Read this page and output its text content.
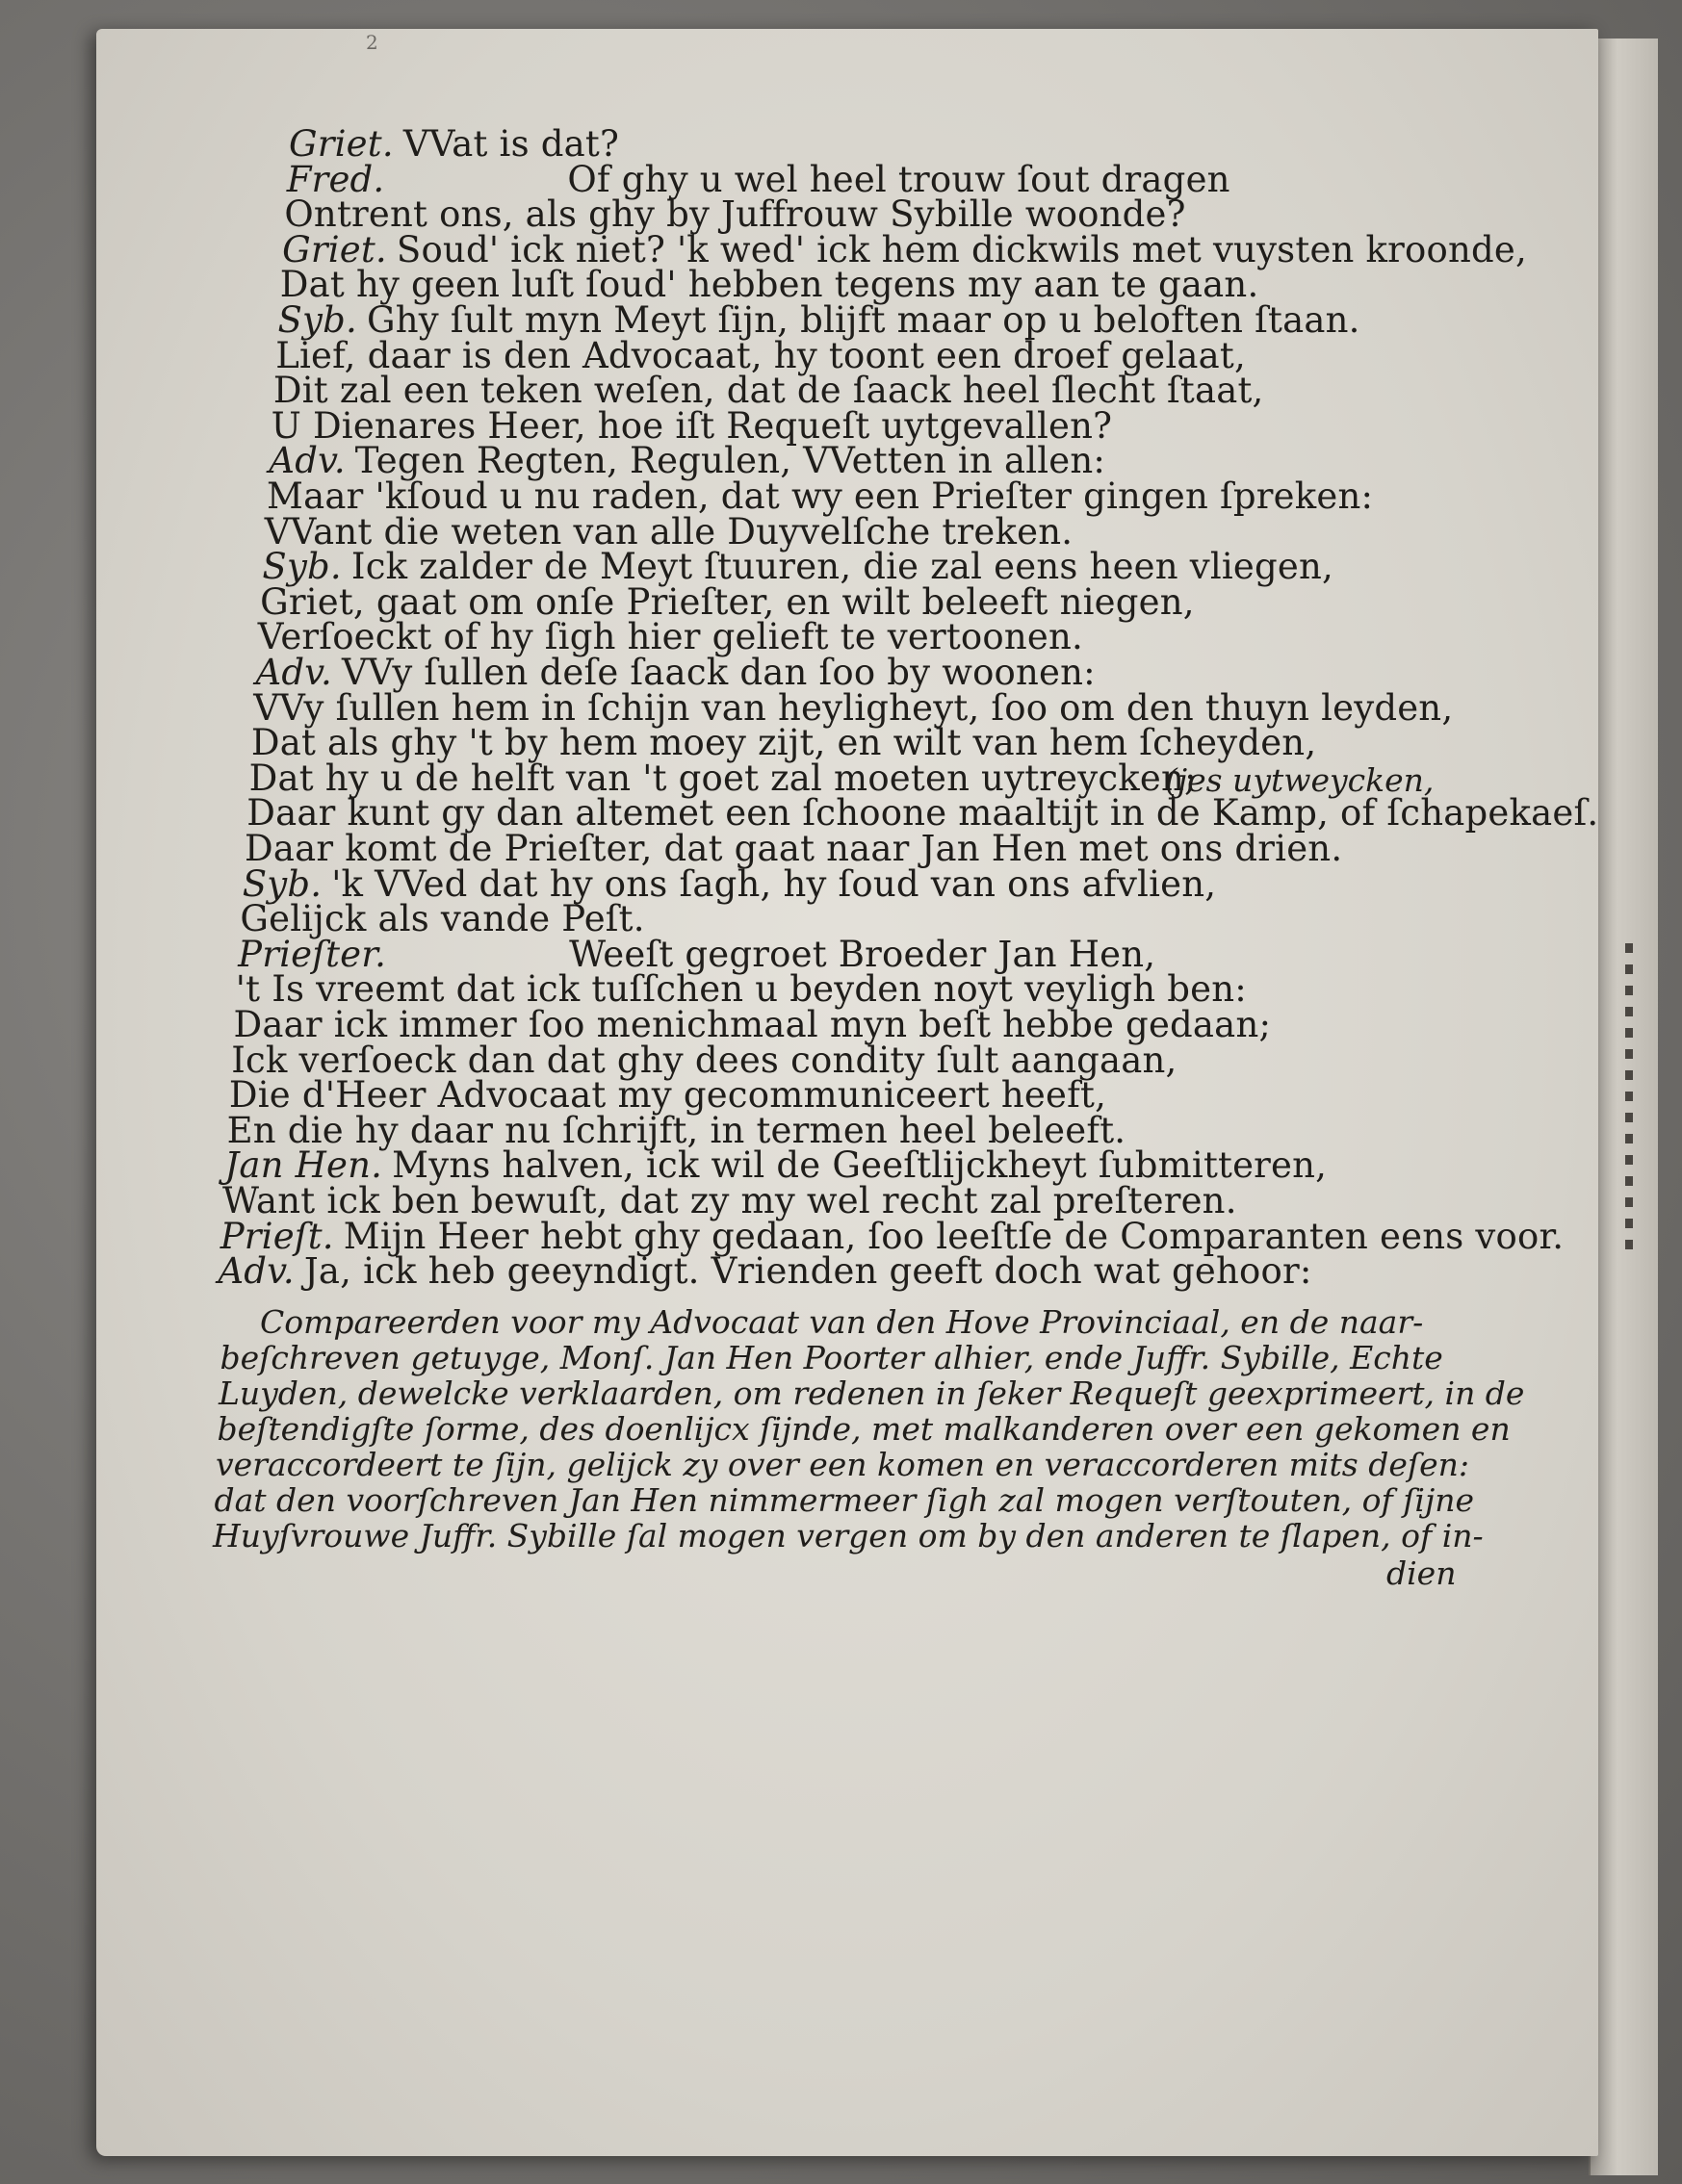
2
Griet. VVat is dat?
Fred.	Of ghy u wel heel trouw ſout dragen
Ontrent ons, als ghy by Juffrouw Sybille woonde?
Griet. Soud' ick niet? 'k wed' ick hem dickwils met vuysten kroonde,
Dat hy geen luſt ſoud' hebben tegens my aan te gaan.
Syb. Ghy ſult myn Meyt ſijn, blijft maar op u beloften ſtaan.
Lief, daar is den Advocaat, hy toont een droef gelaat,
Dit zal een teken weſen, dat de ſaack heel ſlecht ſtaat,
U Dienares Heer, hoe iſt Requeſt uytgevallen?
Adv. Tegen Regten, Regulen, VVetten in allen:
Maar 'kſoud u nu raden, dat wy een Prieſter gingen ſpreken:
VVant die weten van alle Duyvelſche treken.
Syb. Ick zalder de Meyt ſtuuren, die zal eens heen vliegen,
Griet, gaat om onſe Prieſter, en wilt beleeft niegen,
Verſoeckt of hy ſigh hier gelieft te vertoonen.
Adv. VVy ſullen deſe ſaack dan ſoo by woonen:
VVy ſullen hem in ſchijn van heyligheyt, ſoo om den thuyn leyden,
Dat als ghy 't by hem moey zijt, en wilt van hem ſcheyden,
Dat hy u de helft van 't goet zal moeten uytreycken;
Daar kunt gy dan altemet een ſchoone maaltijt in de Kamp, of ſchapekaeſ.
Daar komt de Prieſter, dat gaat naar Jan Hen met ons drien.
Syb. 'k VVed dat hy ons ſagh, hy ſoud van ons afvlien,
Gelijck als vande Peſt.
Prieſter.	Weeſt gegroet Broeder Jan Hen,
't Is vreemt dat ick tuſſchen u beyden noyt veyligh ben:
Daar ick immer ſoo menichmaal myn beſt hebbe gedaan;
Ick verſoeck dan dat ghy dees condity ſult aangaan,
Die d'Heer Advocaat my gecommuniceert heeft,
En die hy daar nu ſchrijft, in termen heel beleeft.
Jan Hen. Myns halven, ick wil de Geeſtlijckheyt ſubmitteren,
Want ick ben bewuſt, dat zy my wel recht zal preſteren.
Prieſt. Mijn Heer hebt ghy gedaan, ſoo leeſtſe de Comparanten eens voor.
Adv. Ja, ick heb geeyndigt. Vrienden geeft doch wat gehoor:
(jes uytweycken,
Compareerden voor my Advocaat van den Hove Provinciaal, en de naar-
beſchreven getuyge, Monſ. Jan Hen Poorter alhier, ende Juffr. Sybille, Echte
Luyden, dewelcke verklaarden, om redenen in ſeker Requeſt geexprimeert, in de
beſtendigſte ſorme, des doenlijcx ſijnde, met malkanderen over een gekomen en
veraccordeert te ſijn, gelijck zy over een komen en veraccorderen mits deſen:
dat den voorſchreven Jan Hen nimmermeer ſigh zal mogen verſtouten, of ſijne
Huyſvrouwe Juffr. Sybille ſal mogen vergen om by den anderen te ſlapen, of in-
dien
